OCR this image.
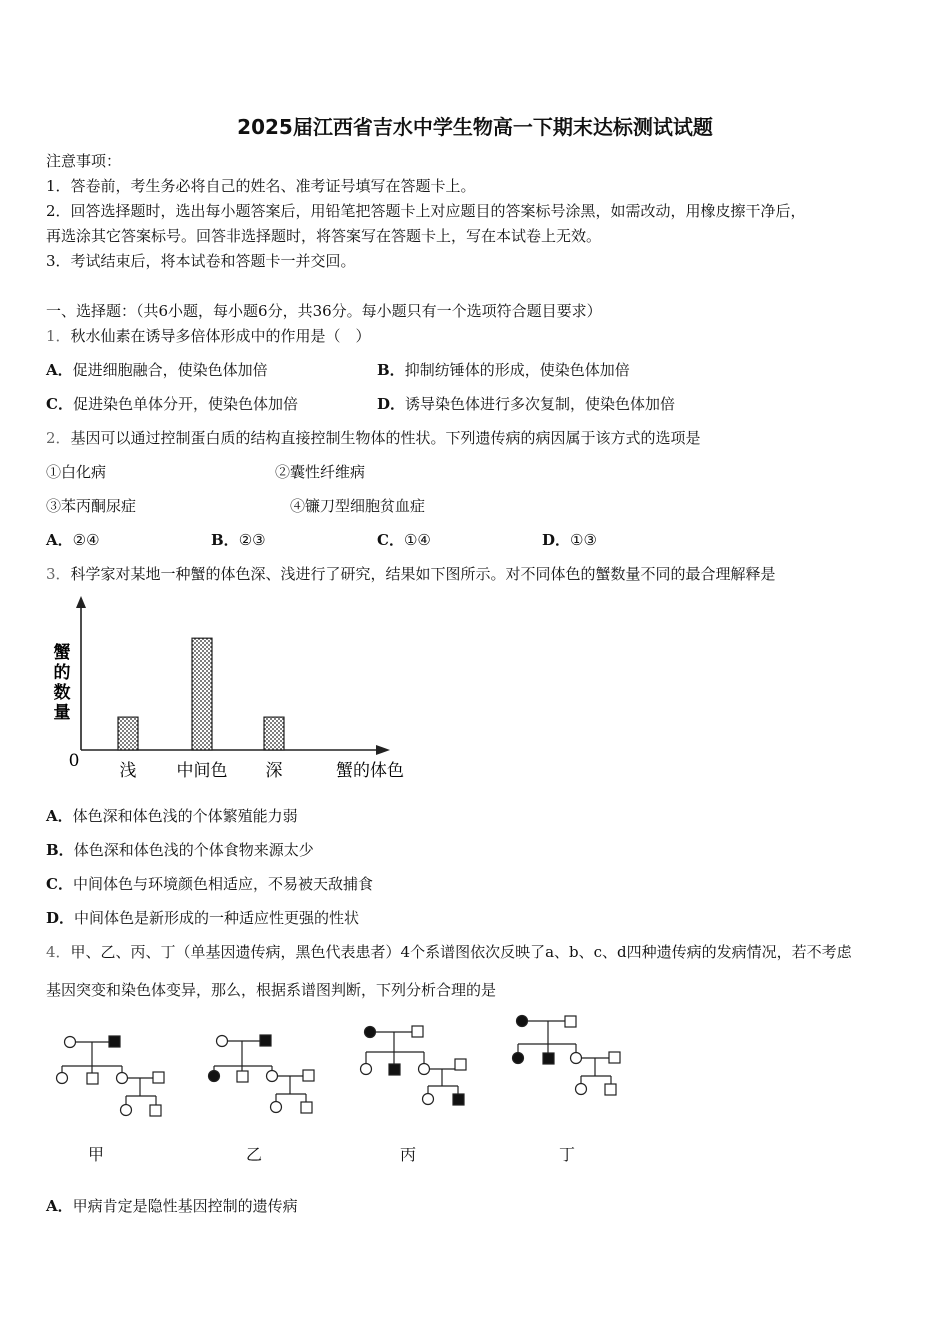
2025届江西省吉水中学生物高一下期末达标测试试题
注意事项：
1．答卷前，考生务必将自己的姓名、准考证号填写在答题卡上。
2．回答选择题时，选出每小题答案后，用铅笔把答题卡上对应题目的答案标号涂黑，如需改动，用橡皮擦干净后，
再选涂其它答案标号。回答非选择题时，将答案写在答题卡上，写在本试卷上无效。
3．考试结束后，将本试卷和答题卡一并交回。
一、选择题：（共6小题，每小题6分，共36分。每小题只有一个选项符合题目要求）
1．秋水仙素在诱导多倍体形成中的作用是（　）
A．促进细胞融合，使染色体加倍	B．抑制纺锤体的形成，使染色体加倍
C．促进染色单体分开，使染色体加倍	D．诱导染色体进行多次复制，使染色体加倍
2．基因可以通过控制蛋白质的结构直接控制生物体的性状。下列遗传病的病因属于该方式的选项是
①白化病	②囊性纤维病
③苯丙酮尿症	④镰刀型细胞贫血症
A．②④	B．②③	C．①④	D．①③
3．科学家对某地一种蟹的体色深、浅进行了研究，结果如下图所示。对不同体色的蟹数量不同的最合理解释是
蟹
的
数
量
0	蟹的体色
浅 中间色 深
A．体色深和体色浅的个体繁殖能力弱
B．体色深和体色浅的个体食物来源太少
C．中间体色与环境颜色相适应，不易被天敌捕食
D．中间体色是新形成的一种适应性更强的性状
4．甲、乙、丙、丁（单基因遗传病，黑色代表患者）4个系谱图依次反映了a、b、c、d四种遗传病的发病情况，若不考虑
基因突变和染色体变异，那么，根据系谱图判断，下列分析合理的是
甲	乙	丙	丁
A．甲病肯定是隐性基因控制的遗传病
